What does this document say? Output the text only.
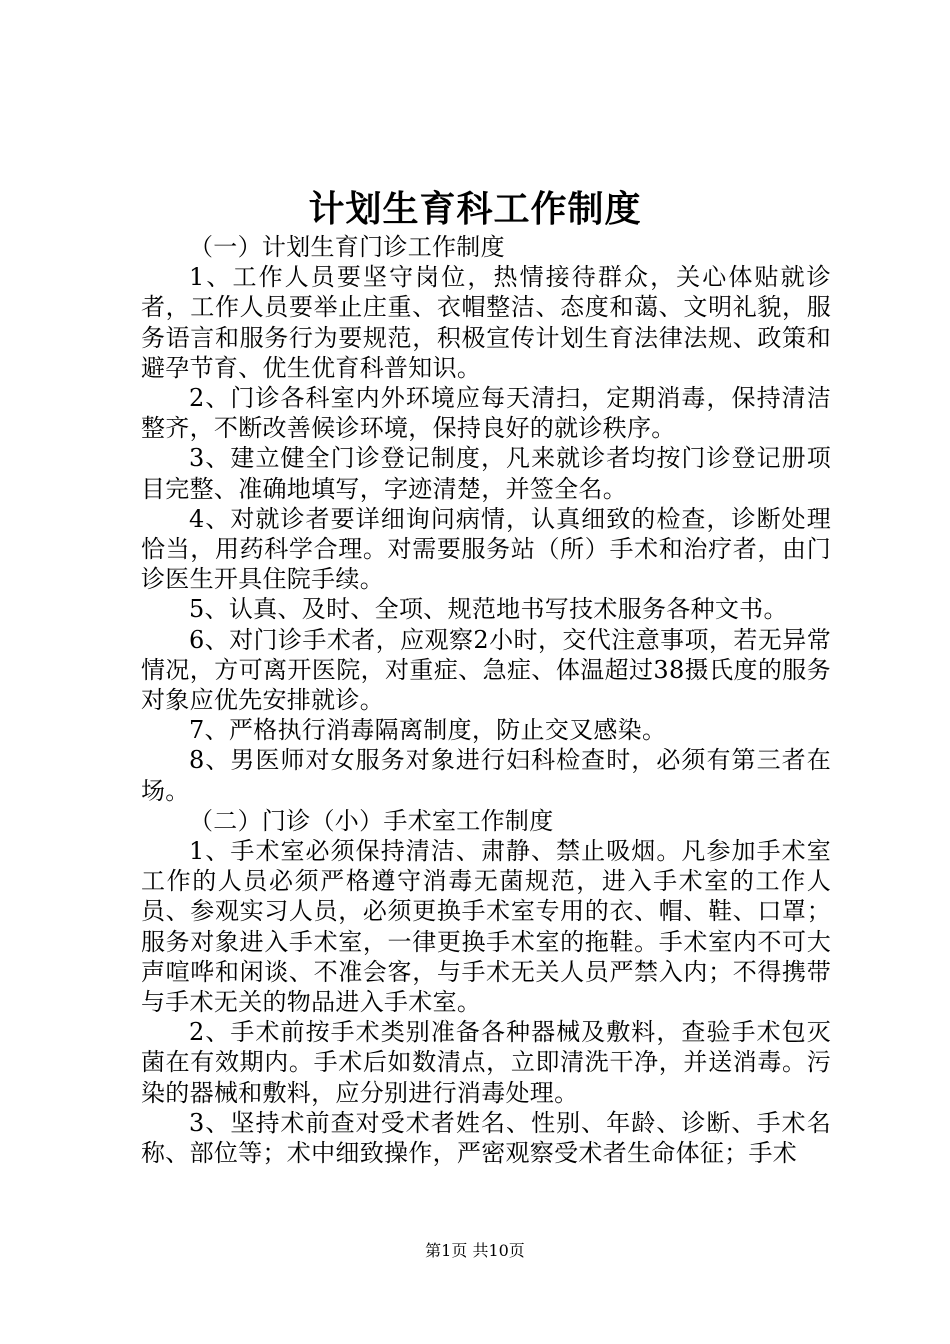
计划生育科工作制度

（一）计划生育门诊工作制度

1、工作人员要坚守岗位，热情接待群众，关心体贴就诊者，工作人员要举止庄重、衣帽整洁、态度和蔼、文明礼貌，服务语言和服务行为要规范，积极宣传计划生育法律法规、政策和避孕节育、优生优育科普知识。

2、门诊各科室内外环境应每天清扫，定期消毒，保持清洁整齐，不断改善候诊环境，保持良好的就诊秩序。

3、建立健全门诊登记制度，凡来就诊者均按门诊登记册项目完整、准确地填写，字迹清楚，并签全名。

4、对就诊者要详细询问病情，认真细致的检查，诊断处理恰当，用药科学合理。对需要服务站（所）手术和治疗者，由门诊医生开具住院手续。

5、认真、及时、全项、规范地书写技术服务各种文书。

6、对门诊手术者，应观察2小时，交代注意事项，若无异常情况，方可离开医院，对重症、急症、体温超过38摄氏度的服务对象应优先安排就诊。

7、严格执行消毒隔离制度，防止交叉感染。

8、男医师对女服务对象进行妇科检查时，必须有第三者在场。

（二）门诊（小）手术室工作制度

1、手术室必须保持清洁、肃静、禁止吸烟。凡参加手术室工作的人员必须严格遵守消毒无菌规范，进入手术室的工作人员、参观实习人员，必须更换手术室专用的衣、帽、鞋、口罩；服务对象进入手术室，一律更换手术室的拖鞋。手术室内不可大声喧哗和闲谈、不准会客，与手术无关人员严禁入内；不得携带与手术无关的物品进入手术室。

2、手术前按手术类别准备各种器械及敷料，查验手术包灭菌在有效期内。手术后如数清点，立即清洗干净，并送消毒。污染的器械和敷料，应分别进行消毒处理。

3、坚持术前查对受术者姓名、性别、年龄、诊断、手术名称、部位等；术中细致操作，严密观察受术者生命体征；手术

第1页 共10页
